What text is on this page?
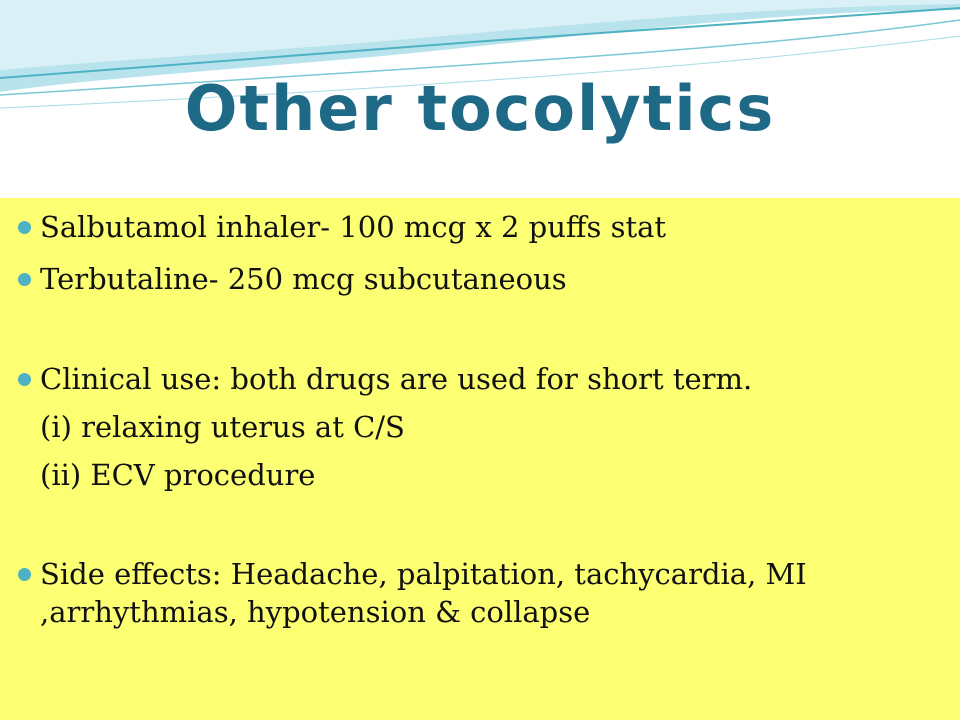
Other tocolytics

Salbutamol inhaler- 100 mcg x 2 puffs stat

Terbutaline- 250 mcg subcutaneous

Clinical use: both drugs are used for short term.

(i) relaxing uterus at C/S

(ii) ECV procedure

Side effects: Headache, palpitation, tachycardia, MI ,arrhythmias, hypotension & collapse
